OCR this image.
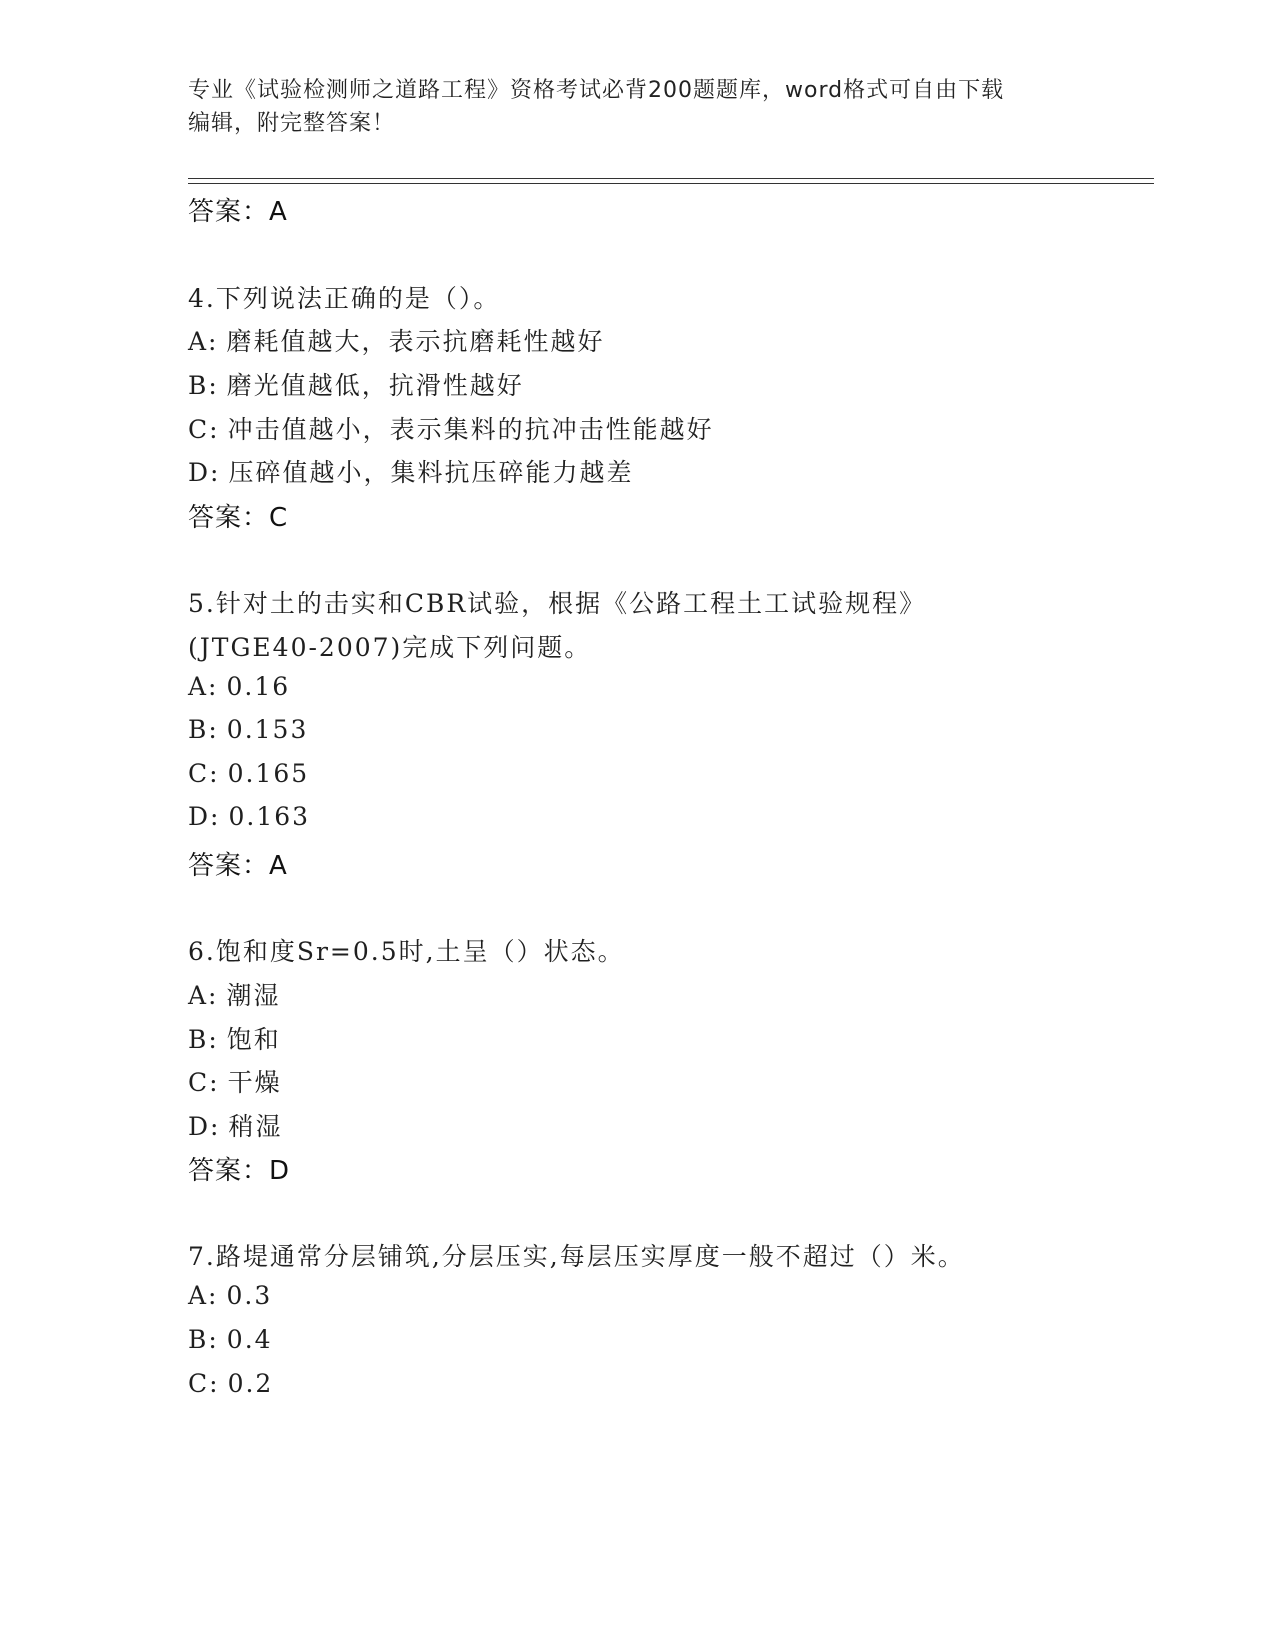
专业《试验检测师之道路工程》资格考试必背200题题库，word格式可自由下载
编辑，附完整答案！
答案：A
4.下列说法正确的是（）。
A: 磨耗值越大，表示抗磨耗性越好
B: 磨光值越低，抗滑性越好
C: 冲击值越小，表示集料的抗冲击性能越好
D: 压碎值越小，集料抗压碎能力越差
答案：C
5.针对土的击实和CBR试验，根据《公路工程土工试验规程》
(JTGE40-2007)完成下列问题。
A: 0.16
B: 0.153
C: 0.165
D: 0.163
答案：A
6.饱和度Sr=0.5时,土呈（）状态。
A: 潮湿
B: 饱和
C: 干燥
D: 稍湿
答案：D
7.路堤通常分层铺筑,分层压实,每层压实厚度一般不超过（）米。
A: 0.3
B: 0.4
C: 0.2
